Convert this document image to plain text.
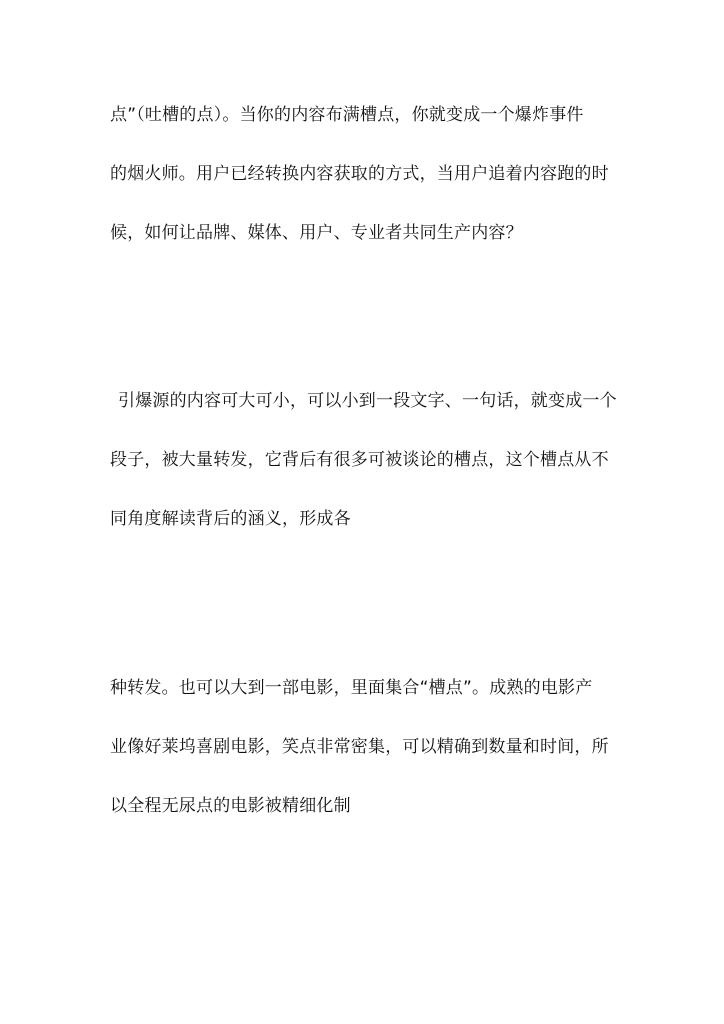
点”（吐槽的点）。当你的内容布满槽点，你就变成一个爆炸事件
的烟火师。用户已经转换内容获取的方式，当用户追着内容跑的时
候，如何让品牌、媒体、用户、专业者共同生产内容？
引爆源的内容可大可小，可以小到一段文字、一句话，就变成一个
段子，被大量转发，它背后有很多可被谈论的槽点，这个槽点从不
同角度解读背后的涵义，形成各
种转发。也可以大到一部电影，里面集合“槽点”。成熟的电影产
业像好莱坞喜剧电影，笑点非常密集，可以精确到数量和时间，所
以全程无尿点的电影被精细化制
